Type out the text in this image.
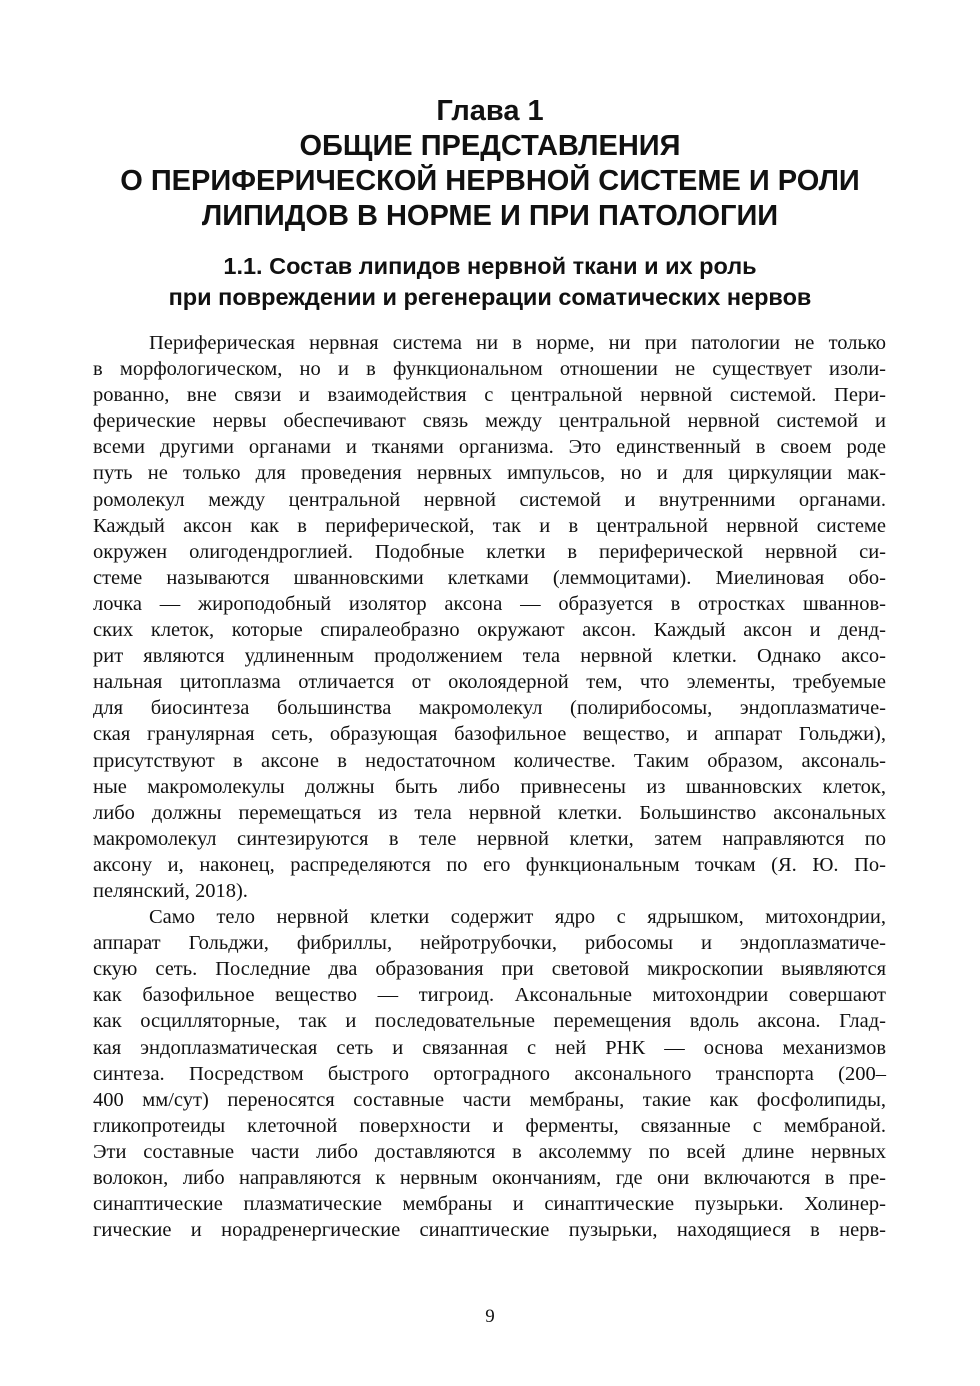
Глава 1
ОБЩИЕ ПРЕДСТАВЛЕНИЯ
О ПЕРИФЕРИЧЕСКОЙ НЕРВНОЙ СИСТЕМЕ И РОЛИ
ЛИПИДОВ В НОРМЕ И ПРИ ПАТОЛОГИИ
1.1. Состав липидов нервной ткани и их роль
при повреждении и регенерации соматических нервов

Периферическая нервная система ни в норме, ни при патологии не только
в морфологическом, но и в функциональном отношении не существует изоли-
рованно, вне связи и взаимодействия с центральной нервной системой. Пери-
ферические нервы обеспечивают связь между центральной нервной системой и
всеми другими органами и тканями организма. Это единственный в своем роде
путь не только для проведения нервных импульсов, но и для циркуляции мак-
ромолекул между центральной нервной системой и внутренними органами.
Каждый аксон как в периферической, так и в центральной нервной системе
окружен олигодендроглией. Подобные клетки в периферической нервной си-
стеме называются шванновскими клетками (леммоцитами). Миелиновая обо-
лочка — жироподобный изолятор аксона — образуется в отростках шваннов-
ских клеток, которые спиралеобразно окружают аксон. Каждый аксон и денд-
рит являются удлиненным продолжением тела нервной клетки. Однако аксо-
нальная цитоплазма отличается от околоядерной тем, что элементы, требуемые
для биосинтеза большинства макромолекул (полирибосомы, эндоплазматиче-
ская гранулярная сеть, образующая базофильное вещество, и аппарат Гольджи),
присутствуют в аксоне в недостаточном количестве. Таким образом, аксональ-
ные макромолекулы должны быть либо привнесены из шванновских клеток,
либо должны перемещаться из тела нервной клетки. Большинство аксональных
макромолекул синтезируются в теле нервной клетки, затем направляются по
аксону и, наконец, распределяются по его функциональным точкам (Я. Ю. По-
пелянский, 2018).

Само тело нервной клетки содержит ядро с ядрышком, митохондрии,
аппарат Гольджи, фибриллы, нейротрубочки, рибосомы и эндоплазматиче-
скую сеть. Последние два образования при световой микроскопии выявляются
как базофильное вещество — тигроид. Аксональные митохондрии совершают
как осцилляторные, так и последовательные перемещения вдоль аксона. Глад-
кая эндоплазматическая сеть и связанная с ней РНК — основа механизмов
синтеза. Посредством быстрого ортоградного аксонального транспорта (200–
400 мм/сут) переносятся составные части мембраны, такие как фосфолипиды,
гликопротеиды клеточной поверхности и ферменты, связанные с мембраной.
Эти составные части либо доставляются в аксолемму по всей длине нервных
волокон, либо направляются к нервным окончаниям, где они включаются в пре-
синаптические плазматические мембраны и синаптические пузырьки. Холинер-
гические и норадренергические синаптические пузырьки, находящиеся в нерв-

9
